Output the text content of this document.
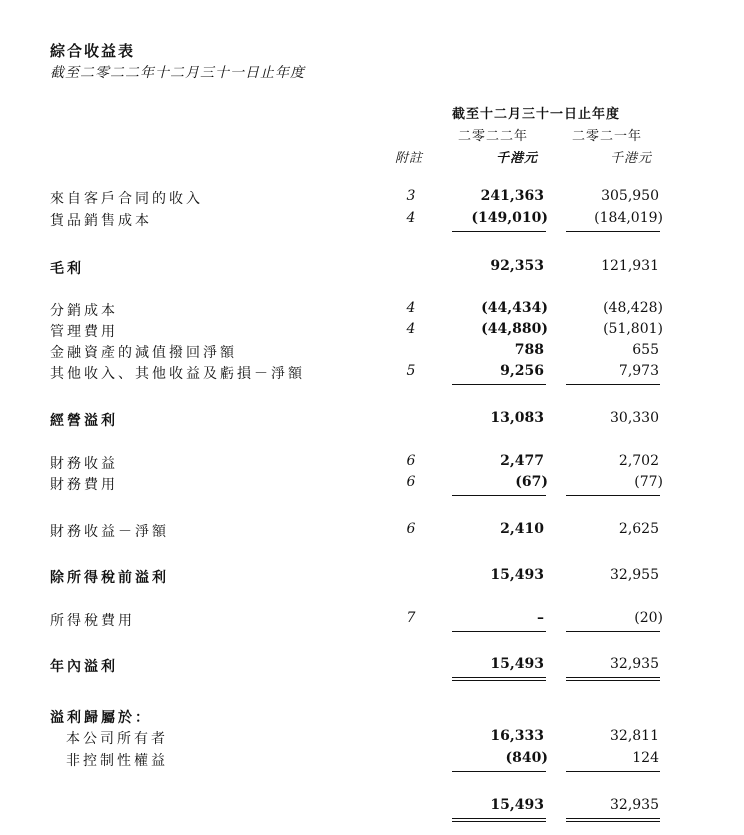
綜合收益表
截至二零二二年十二月三十一日止年度
截至十二月三十一日止年度
二零二二年	二零二一年
附註	千港元	千港元
來自客戶合同的收入	3	241,363	305,950
貨品銷售成本	4	(149,010)	(184,019)
毛利	92,353	121,931
分銷成本	4	(44,434)	(48,428)
管理費用	4	(44,880)	(51,801)
金融資產的減值撥回淨額	788	655
其他收入、其他收益及虧損－淨額	5	9,256	7,973
經營溢利	13,083	30,330
財務收益	6	2,477	2,702
財務費用	6	(67)	(77)
財務收益－淨額	6	2,410	2,625
除所得稅前溢利	15,493	32,955
所得稅費用	7	–	(20)
年內溢利	15,493	32,935
溢利歸屬於：
本公司所有者	16,333	32,811
非控制性權益	(840)	124
15,493	32,935
